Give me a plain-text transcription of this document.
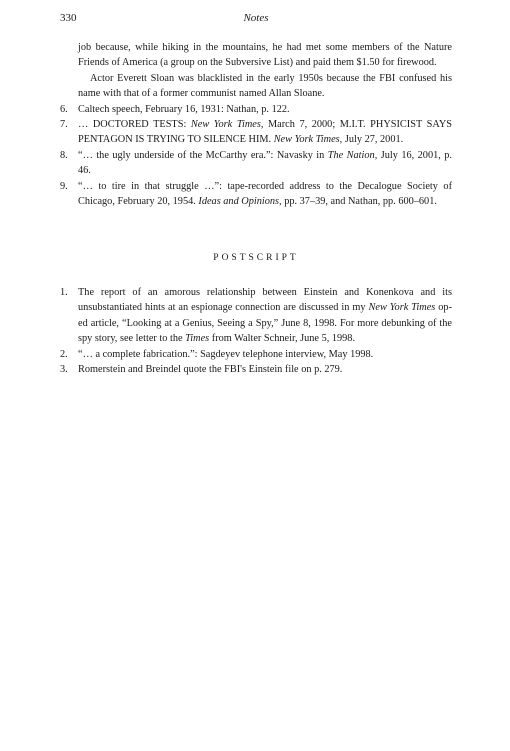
330	Notes

job because, while hiking in the mountains, he had met some members of the Nature Friends of America (a group on the Subversive List) and paid them $1.50 for firewood.

Actor Everett Sloan was blacklisted in the early 1950s because the FBI confused his name with that of a former communist named Allan Sloane.

6. Caltech speech, February 16, 1931: Nathan, p. 122.

7. … DOCTORED TESTS: New York Times, March 7, 2000; M.I.T. PHYSICIST SAYS PENTAGON IS TRYING TO SILENCE HIM. New York Times, July 27, 2001.

8. “… the ugly underside of the McCarthy era.”: Navasky in The Nation, July 16, 2001, p. 46.

9. “… to tire in that struggle …”: tape-recorded address to the Decalogue Society of Chicago, February 20, 1954. Ideas and Opinions, pp. 37–39, and Nathan, pp. 600–601.

POSTSCRIPT

1. The report of an amorous relationship between Einstein and Konenkova and its unsubstantiated hints at an espionage connection are discussed in my New York Times op-ed article, “Looking at a Genius, Seeing a Spy,” June 8, 1998. For more debunking of the spy story, see letter to the Times from Walter Schneir, June 5, 1998.

2. “… a complete fabrication.”: Sagdeyev telephone interview, May 1998.

3. Romerstein and Breindel quote the FBI's Einstein file on p. 279.
